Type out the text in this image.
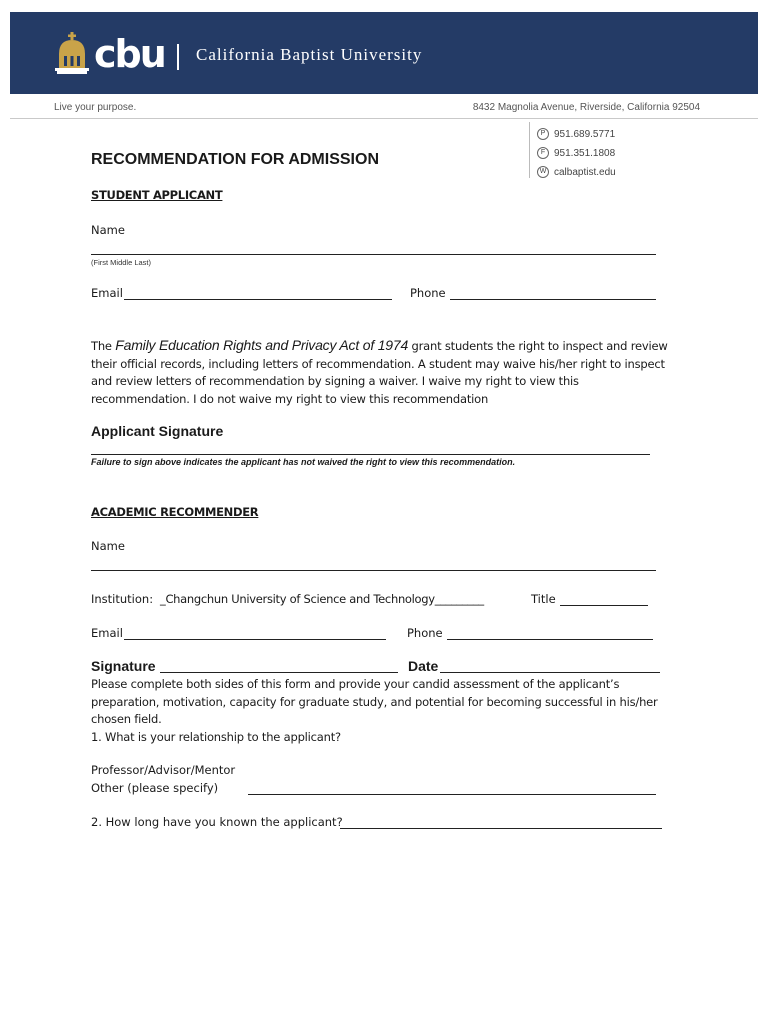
cbu California Baptist University
Live your purpose.	8432 Magnolia Avenue, Riverside, California 92504
P 951.689.5771
F 951.351.1808
W calbaptist.edu
RECOMMENDATION FOR ADMISSION
STUDENT APPLICANT
Name
(First Middle Last)
Email	Phone
The Family Education Rights and Privacy Act of 1974 grant students the right to inspect and review
their official records, including letters of recommendation. A student may waive his/her right to inspect
and review letters of recommendation by signing a waiver. I waive my right to view this
recommendation. I do not waive my right to view this recommendation
Applicant Signature
Failure to sign above indicates the applicant has not waived the right to view this recommendation.
ACADEMIC RECOMMENDER
Name
Institution: _Changchun University of Science and Technology_________	Title
Email	Phone
Signature	Date
Please complete both sides of this form and provide your candid assessment of the applicant’s
preparation, motivation, capacity for graduate study, and potential for becoming successful in his/her
chosen field.
1. What is your relationship to the applicant?
Professor/Advisor/Mentor
Other (please specify)
2. How long have you known the applicant?
